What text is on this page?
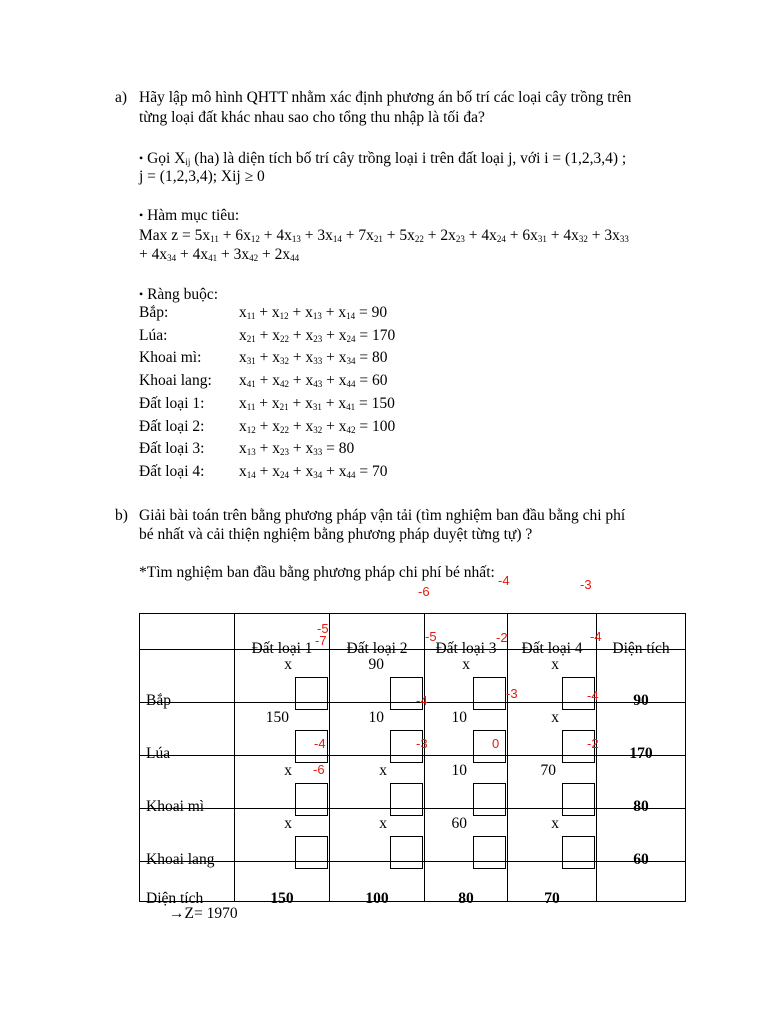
a) Hãy lập mô hình QHTT nhằm xác định phương án bố trí các loại cây trồng trên
từng loại đất khác nhau sao cho tổng thu nhập là tối đa?
• Gọi $X_{ij}$ (ha) là diện tích bố trí cây trồng loại i trên đất loại j, với i = (1,2,3,4) ;
j = (1,2,3,4); Xij ≥ 0
• Hàm mục tiêu:
Max $z = 5x_{11} + 6x_{12} + 4x_{13} + 3x_{14} + 7x_{21} + 5x_{22} + 2x_{23} + 4x_{24} + 6x_{31} + 4x_{32} + 3x_{33}$
+ $4x_{34} + 4x_{41} + 3x_{42} + 2x_{44}$
• Ràng buộc:
Bắp:	$x_{11} + x_{12} + x_{13} + x_{14} = 90$
Lúa:	$x_{21} + x_{22} + x_{23} + x_{24} = 170$
Khoai mì: $x_{31} + x_{32} + x_{33} + x_{34} = 80$
Khoai lang: $x_{41} + x_{42} + x_{43} + x_{44} = 60$
Đất loại 1: $x_{11} + x_{21} + x_{31} + x_{41} = 150$
Đất loại 2: $x_{12} + x_{22} + x_{32} + x_{42} = 100$
Đất loại 3: $x_{13} + x_{23} + x_{33} = 80$
Đất loại 4: $x_{14} + x_{24} + x_{34} + x_{44} = 70$
b) Giải bài toán trên bằng phương pháp vận tải (tìm nghiệm ban đầu bằng chi phí
bé nhất và cải thiện nghiệm bằng phương pháp duyệt từng tự) ?
*Tìm nghiệm ban đầu bằng phương pháp chi phí bé nhất:

	Đất loại 1	Đất loại 2	Đất loại 3	Đất loại 4	Diện tích

Bắp	x	90	x	x	90

Lúa	150	10	10	x	170

Khoai mì	x	x	10	70	80

Khoai lang	x	x	60	x	60

Diện tích	150	100	80	70	

-4
-6	-3
-5
-7	-5	-2	-4
-4	-3	-4
-4	-3	0	-2
-6
→Z= 1970
